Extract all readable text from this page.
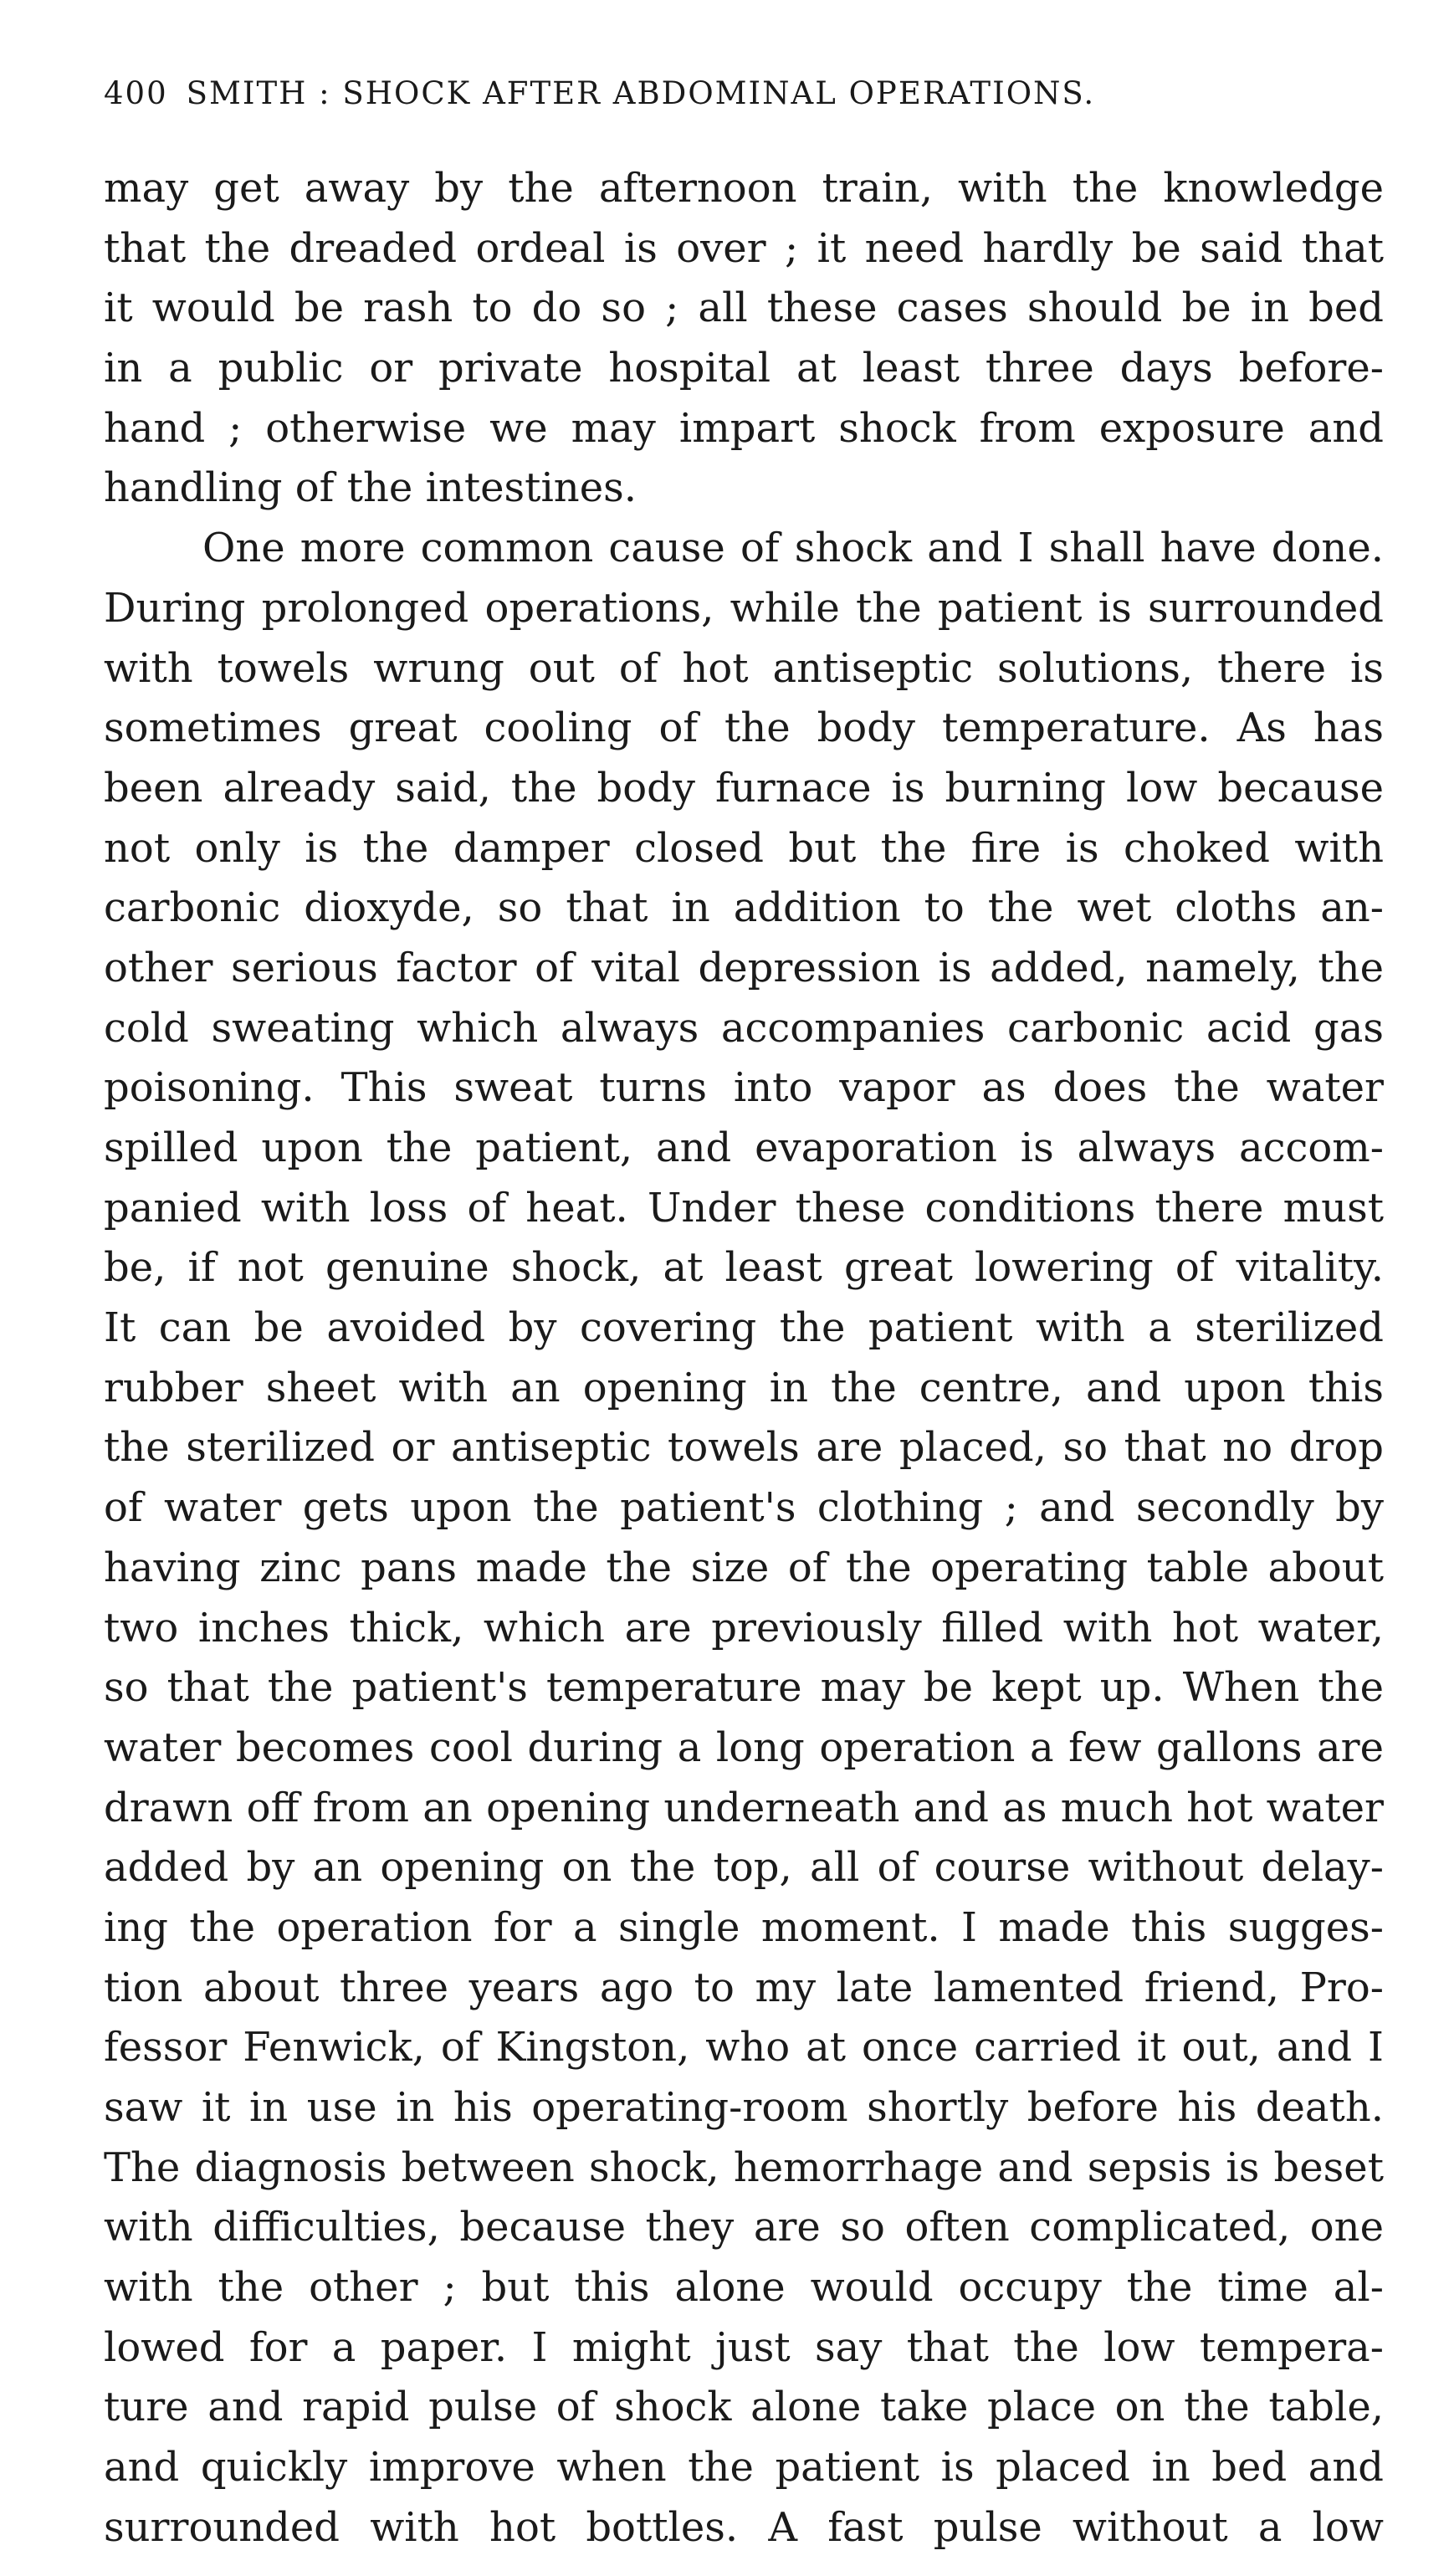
400 SMITH : SHOCK AFTER ABDOMINAL OPERATIONS.
may get away by the afternoon train, with the knowledge
that the dreaded ordeal is over ; it need hardly be said that
it would be rash to do so ; all these cases should be in bed
in a public or private hospital at least three days before-
hand ; otherwise we may impart shock from exposure and
handling of the intestines.
One more common cause of shock and I shall have done.
During prolonged operations, while the patient is surrounded
with towels wrung out of hot antiseptic solutions, there is
sometimes great cooling of the body temperature. As has
been already said, the body furnace is burning low because
not only is the damper closed but the fire is choked with
carbonic dioxyde, so that in addition to the wet cloths an-
other serious factor of vital depression is added, namely, the
cold sweating which always accompanies carbonic acid gas
poisoning. This sweat turns into vapor as does the water
spilled upon the patient, and evaporation is always accom-
panied with loss of heat. Under these conditions there must
be, if not genuine shock, at least great lowering of vitality.
It can be avoided by covering the patient with a sterilized
rubber sheet with an opening in the centre, and upon this
the sterilized or antiseptic towels are placed, so that no drop
of water gets upon the patient's clothing ; and secondly by
having zinc pans made the size of the operating table about
two inches thick, which are previously filled with hot water,
so that the patient's temperature may be kept up. When the
water becomes cool during a long operation a few gallons are
drawn off from an opening underneath and as much hot water
added by an opening on the top, all of course without delay-
ing the operation for a single moment. I made this sugges-
tion about three years ago to my late lamented friend, Pro-
fessor Fenwick, of Kingston, who at once carried it out, and I
saw it in use in his operating-room shortly before his death.
The diagnosis between shock, hemorrhage and sepsis is beset
with difficulties, because they are so often complicated, one
with the other ; but this alone would occupy the time al-
lowed for a paper. I might just say that the low tempera-
ture and rapid pulse of shock alone take place on the table,
and quickly improve when the patient is placed in bed and
surrounded with hot bottles. A fast pulse without a low
